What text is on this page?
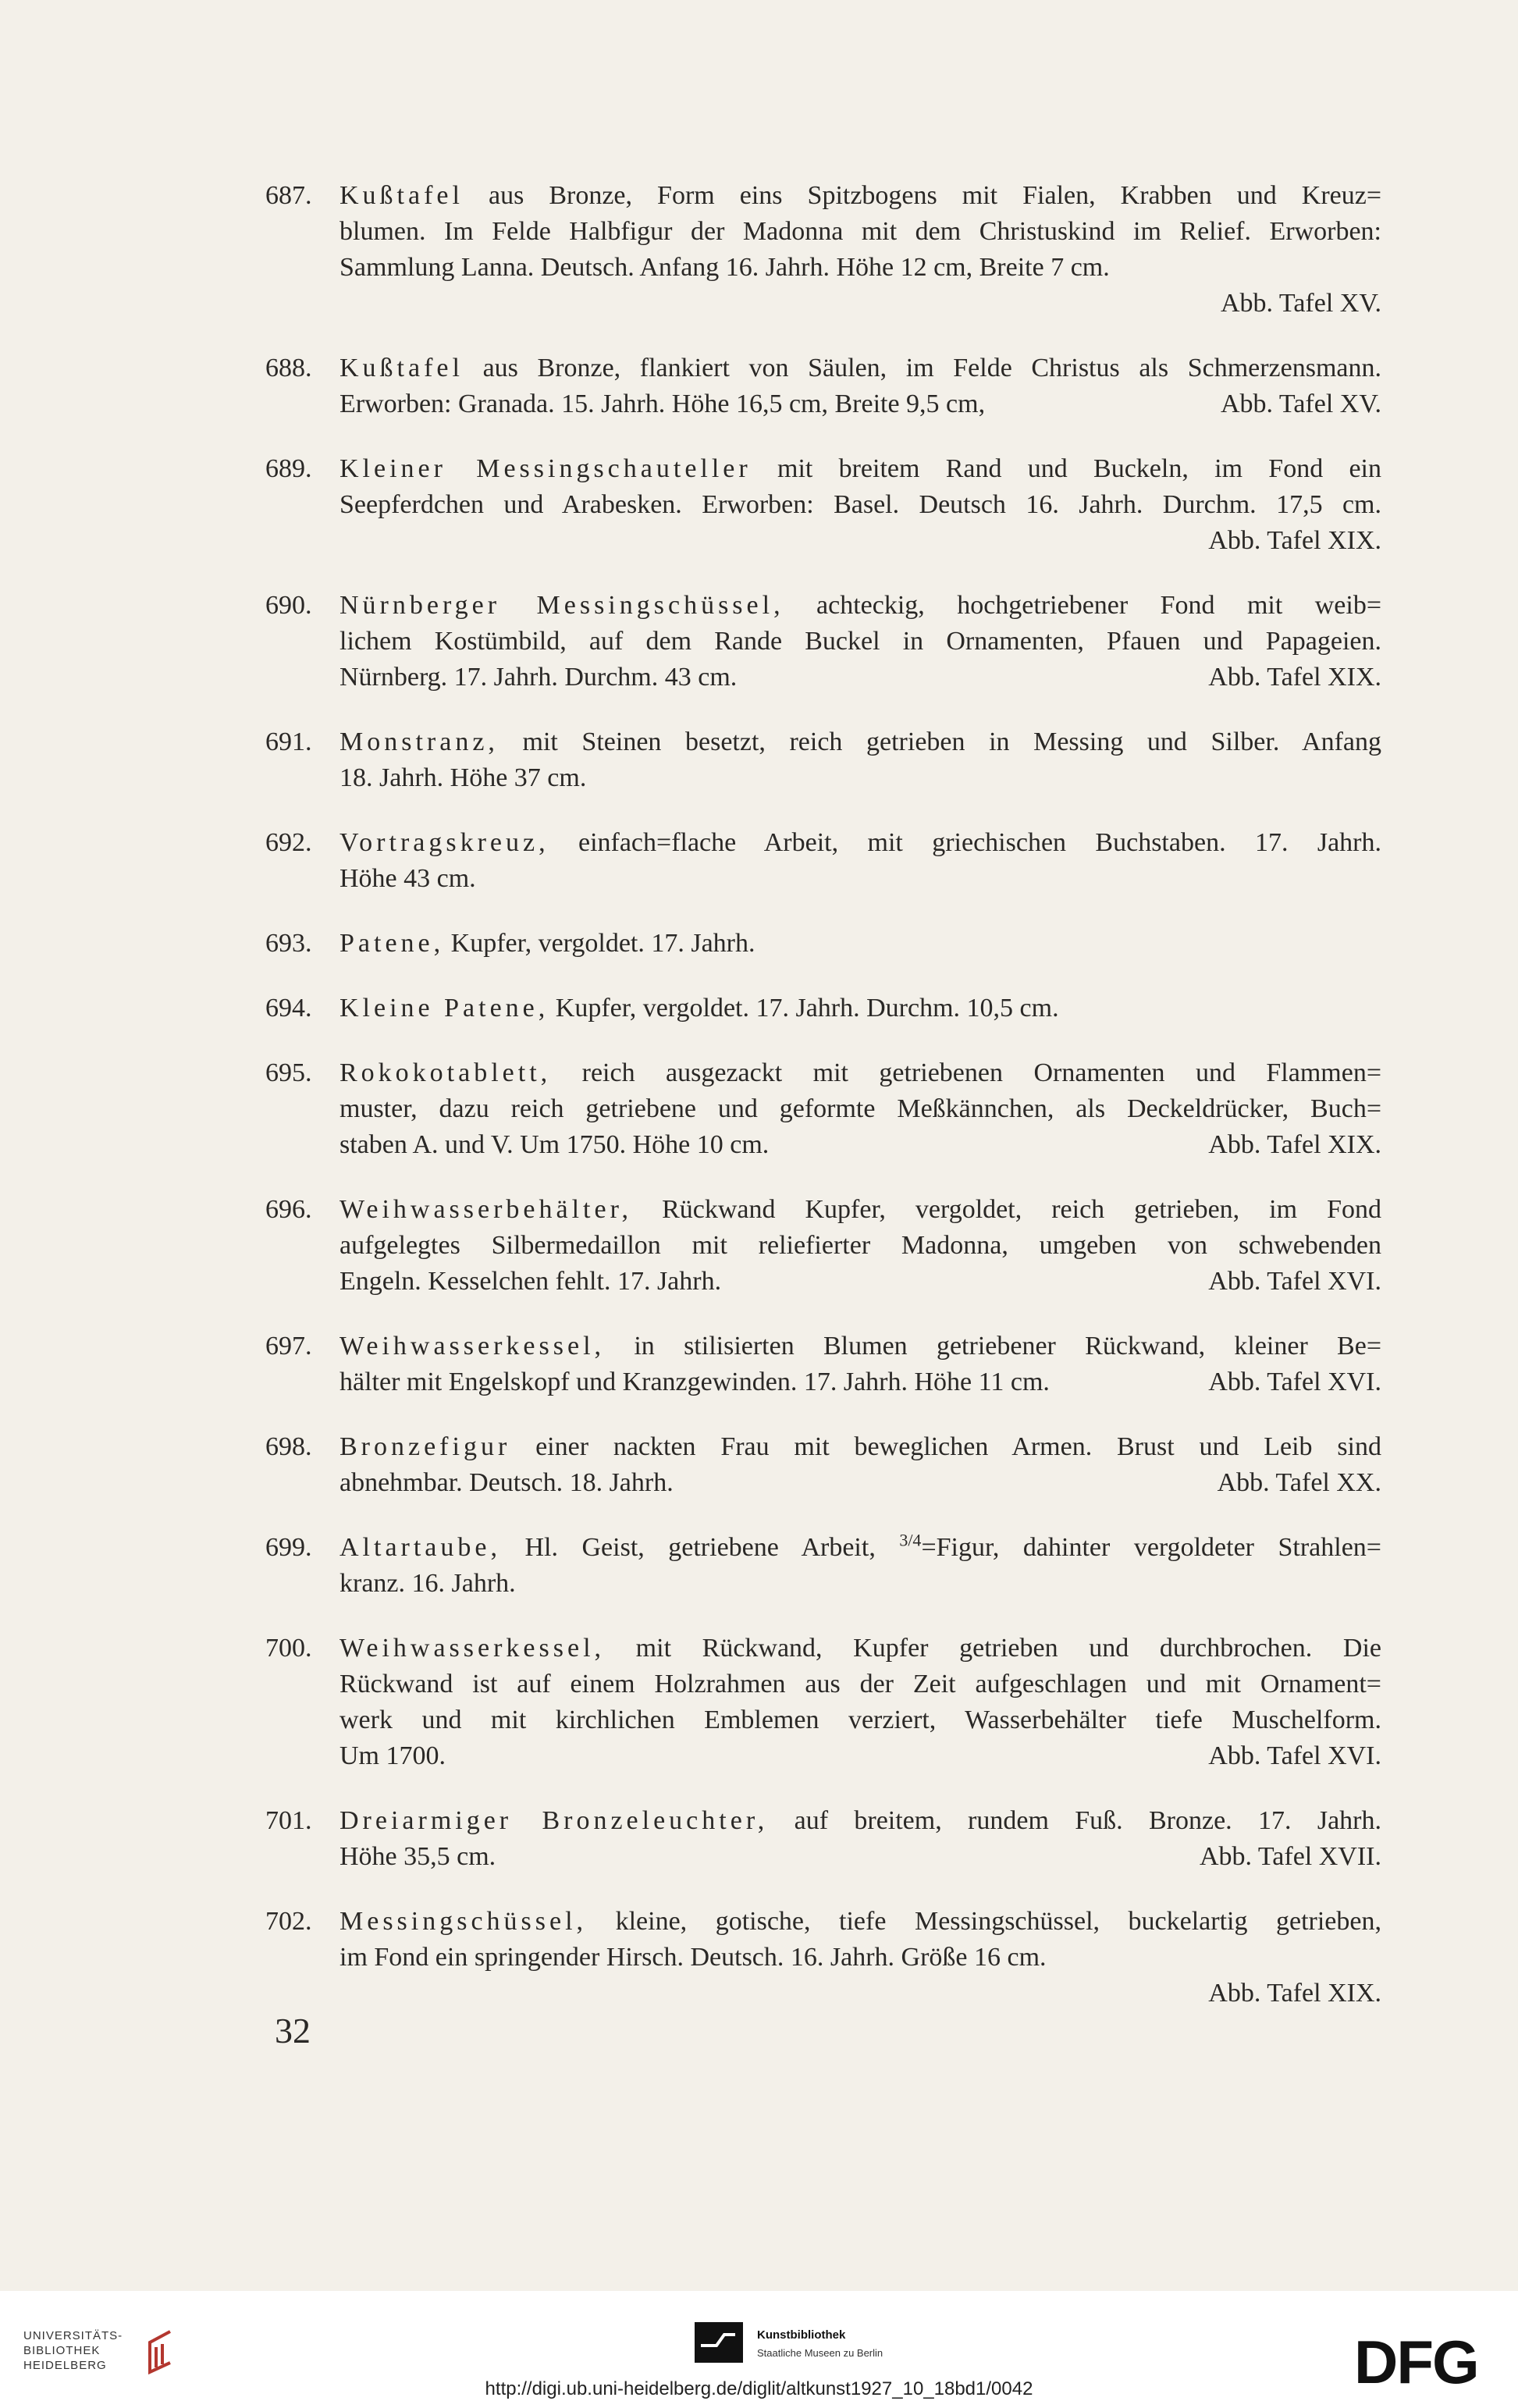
687. Kußtafel aus Bronze, Form eins Spitzbogens mit Fialen, Krabben und Kreuz=
blumen. Im Felde Halbfigur der Madonna mit dem Christuskind im Relief. Erworben:
Sammlung Lanna. Deutsch. Anfang 16. Jahrh. Höhe 12 cm, Breite 7 cm.
Abb. Tafel XV.
688. Kußtafel aus Bronze, flankiert von Säulen, im Felde Christus als Schmerzensmann.
Erworben: Granada. 15. Jahrh. Höhe 16,5 cm, Breite 9,5 cm,	Abb. Tafel XV.
689. Kleiner Messingschauteller mit breitem Rand und Buckeln, im Fond ein
Seepferdchen und Arabesken. Erworben: Basel. Deutsch 16. Jahrh. Durchm. 17,5 cm.
Abb. Tafel XIX.
690. Nürnberger Messingschüssel, achteckig, hochgetriebener Fond mit weib=
lichem Kostümbild, auf dem Rande Buckel in Ornamenten, Pfauen und Papageien.
Nürnberg. 17. Jahrh. Durchm. 43 cm.	Abb. Tafel XIX.
691. Monstranz, mit Steinen besetzt, reich getrieben in Messing und Silber. Anfang
18. Jahrh. Höhe 37 cm.
692. Vortragskreuz, einfach=flache Arbeit, mit griechischen Buchstaben. 17. Jahrh.
Höhe 43 cm.
693. Patene, Kupfer, vergoldet. 17. Jahrh.
694. Kleine Patene, Kupfer, vergoldet. 17. Jahrh. Durchm. 10,5 cm.
695. Rokokotablett, reich ausgezackt mit getriebenen Ornamenten und Flammen=
muster, dazu reich getriebene und geformte Meßkännchen, als Deckeldrücker, Buch=
staben A. und V. Um 1750. Höhe 10 cm.	Abb. Tafel XIX.
696. Weihwasserbehälter, Rückwand Kupfer, vergoldet, reich getrieben, im Fond
aufgelegtes Silbermedaillon mit reliefierter Madonna, umgeben von schwebenden
Engeln. Kesselchen fehlt. 17. Jahrh.	Abb. Tafel XVI.
697. Weihwasserkessel, in stilisierten Blumen getriebener Rückwand, kleiner Be=
hälter mit Engelskopf und Kranzgewinden. 17. Jahrh. Höhe 11 cm.	Abb. Tafel XVI.
698. Bronzefigur einer nackten Frau mit beweglichen Armen. Brust und Leib sind
abnehmbar. Deutsch. 18. Jahrh.	Abb. Tafel XX.
699. Altartaube, Hl. Geist, getriebene Arbeit, $^{3/4}$=Figur, dahinter vergoldeter Strahlen=
kranz. 16. Jahrh.
700. Weihwasserkessel, mit Rückwand, Kupfer getrieben und durchbrochen. Die
Rückwand ist auf einem Holzrahmen aus der Zeit aufgeschlagen und mit Ornament=
werk und mit kirchlichen Emblemen verziert, Wasserbehälter tiefe Muschelform.
Um 1700.	Abb. Tafel XVI.
701. Dreiarmiger Bronzeleuchter, auf breitem, rundem Fuß. Bronze. 17. Jahrh.
Höhe 35,5 cm.	Abb. Tafel XVII.
702. Messingschüssel, kleine, gotische, tiefe Messingschüssel, buckelartig getrieben,
im Fond ein springender Hirsch. Deutsch. 16. Jahrh. Größe 16 cm.
Abb. Tafel XIX.
32
UNIVERSITÄTS-
BIBLIOTHEK
HEIDELBERG
Kunstbibliothek
Staatliche Museen zu Berlin	DFG
http://digi.ub.uni-heidelberg.de/diglit/altkunst1927_10_18bd1/0042
